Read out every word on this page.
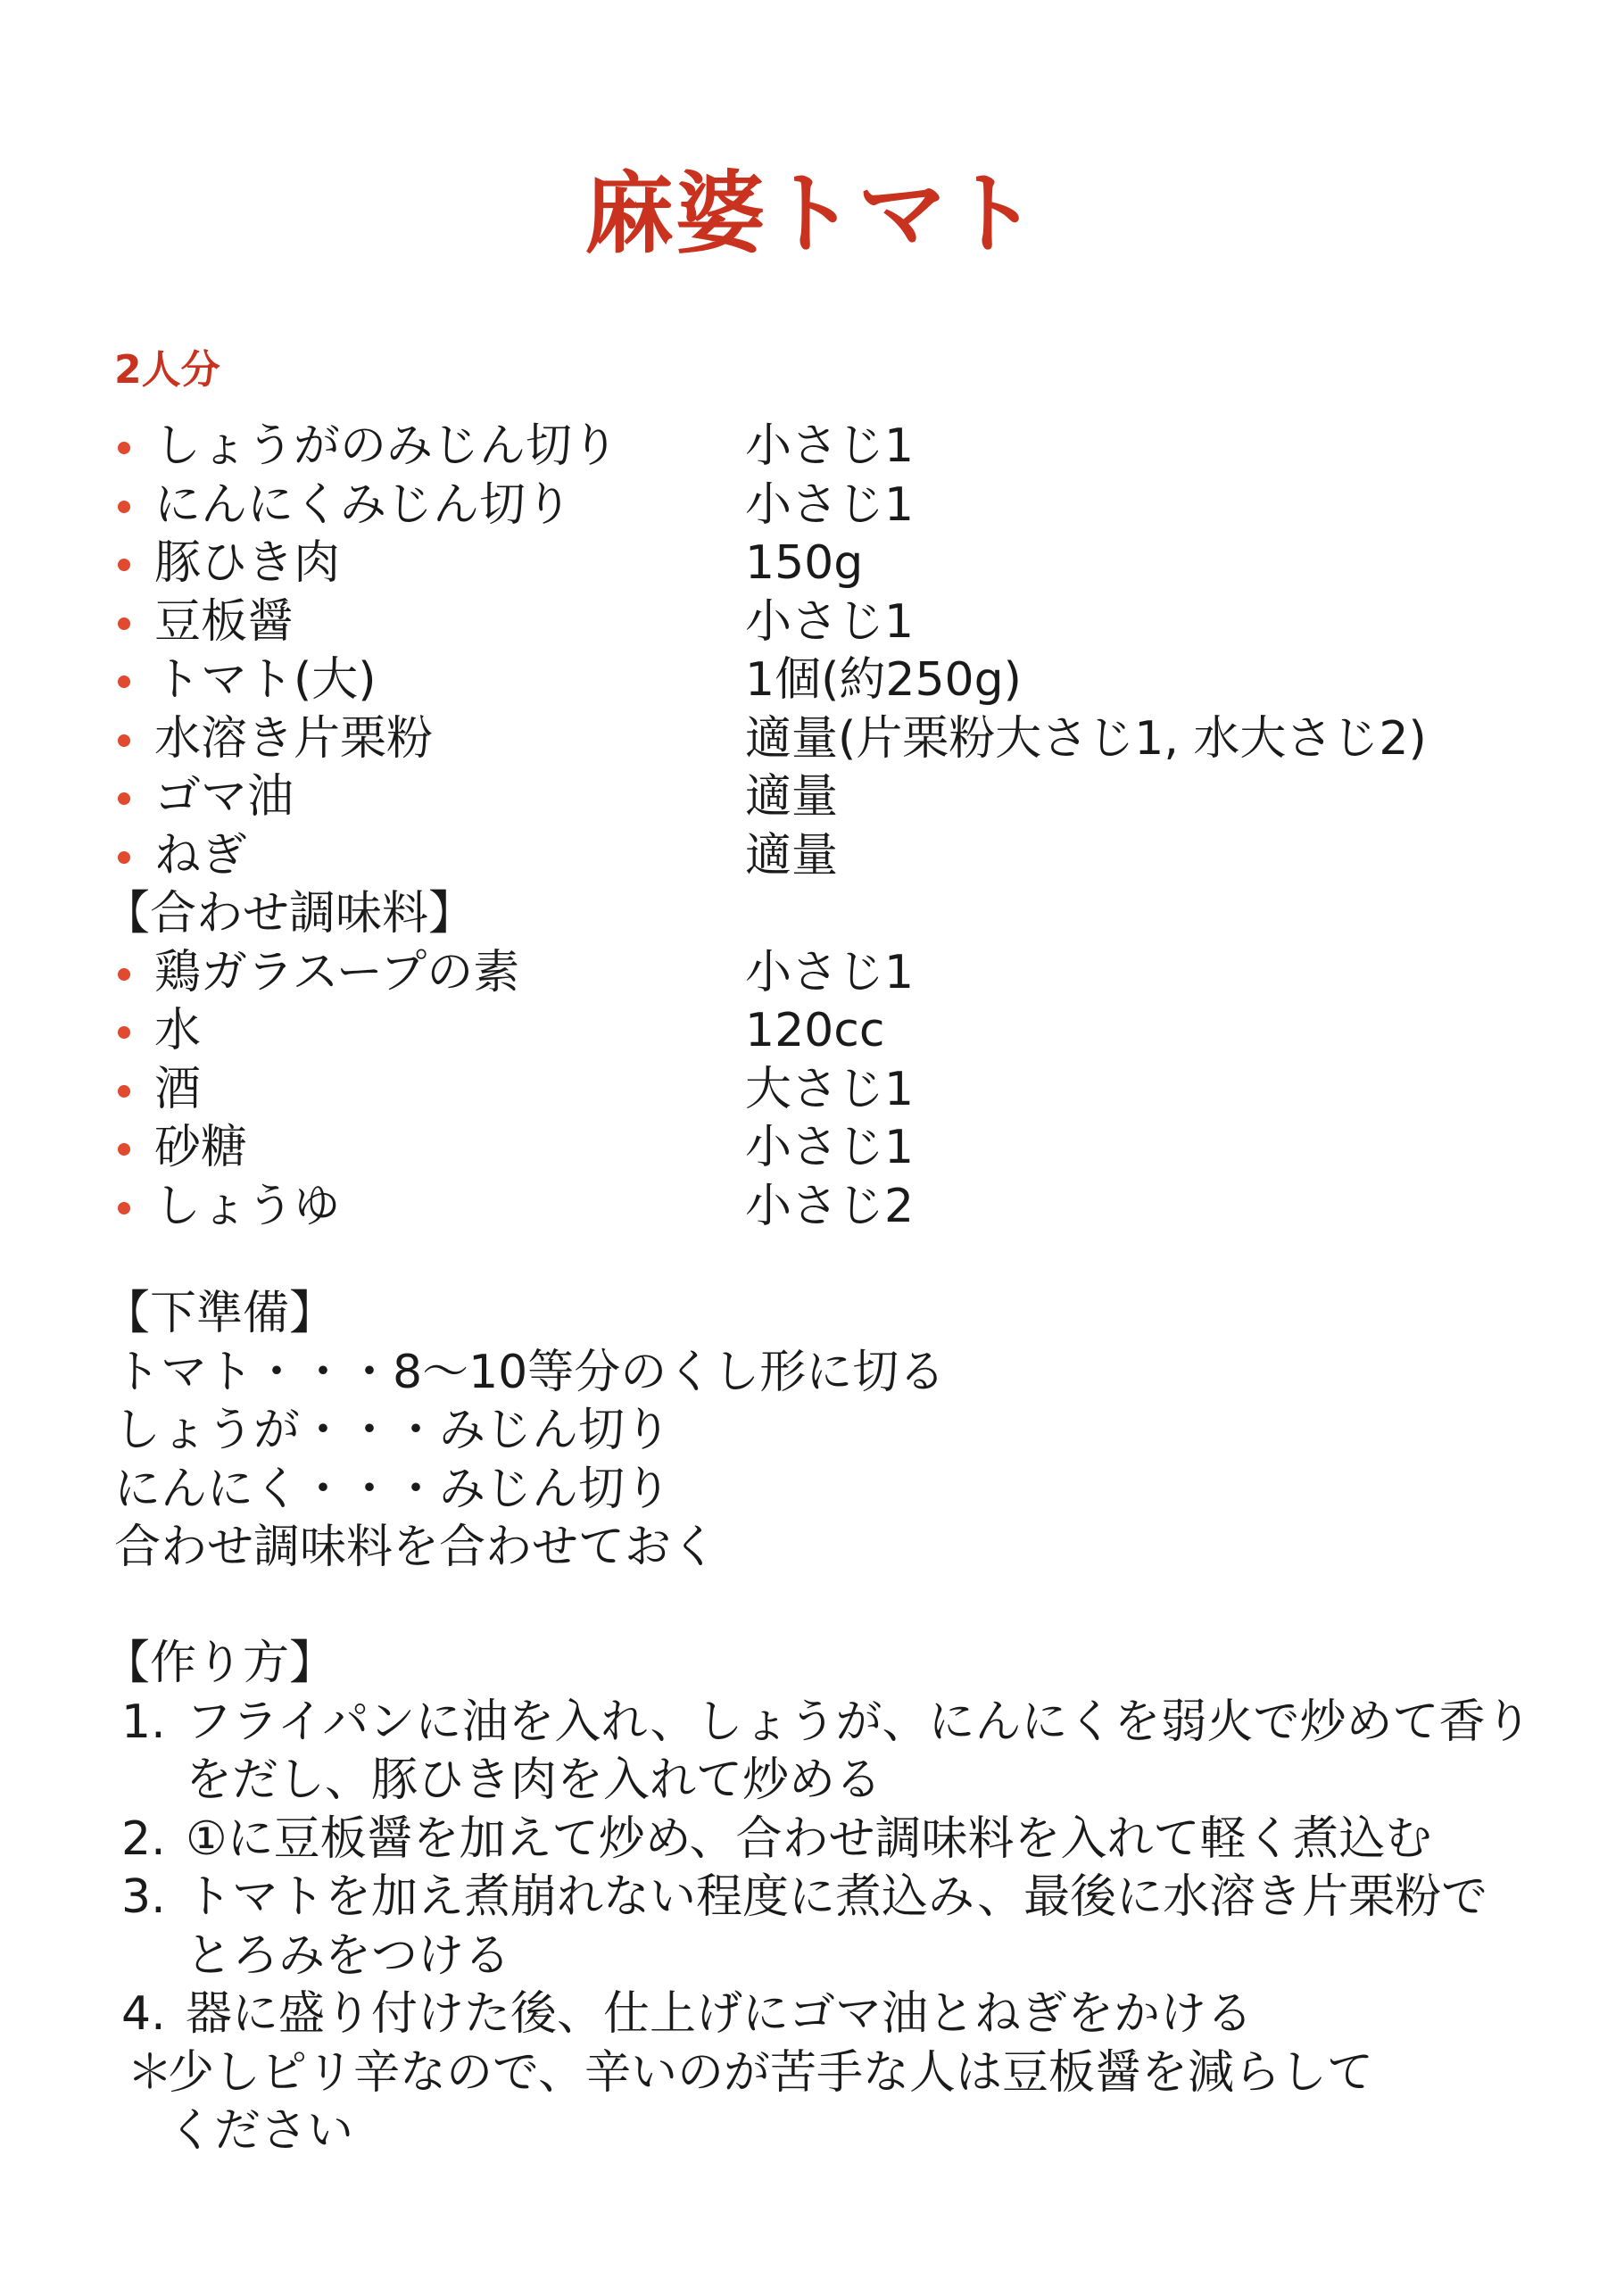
麻婆トマト
2人分
しょうがのみじん切り	小さじ1
にんにくみじん切り	小さじ1
豚ひき肉	150g
豆板醤	小さじ1
トマト(大)	1個(約250g)
水溶き片栗粉	適量(片栗粉大さじ1, 水大さじ2)
ゴマ油	適量
ねぎ	適量
【合わせ調味料】
鶏ガラスープの素	小さじ1
水	120cc
酒	大さじ1
砂糖	小さじ1
しょうゆ	小さじ2
【下準備】
トマト・・・8〜10等分のくし形に切る
しょうが・・・みじん切り
にんにく・・・みじん切り
合わせ調味料を合わせておく
【作り方】
1. フライパンに油を入れ、しょうが、にんにくを弱火で炒めて香り
をだし、豚ひき肉を入れて炒める
2. ①に豆板醤を加えて炒め、合わせ調味料を入れて軽く煮込む
3. トマトを加え煮崩れない程度に煮込み、最後に水溶き片栗粉で
とろみをつける
4. 器に盛り付けた後、仕上げにゴマ油とねぎをかける
＊
少しピリ辛なので、辛いのが苦手な人は豆板醤を減らして
ください
